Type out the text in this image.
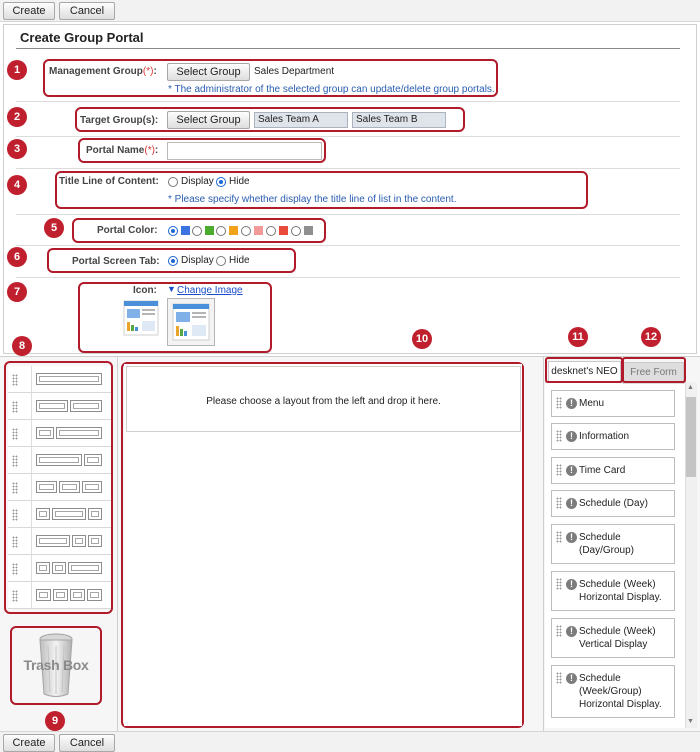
Create	Cancel
Create Group Portal
1	Management Group(*):	Select Group	Sales Department
* The administrator of the selected group can update/delete group portals.
2	Target Group(s):	Select Group	Sales Team A	Sales Team B
3	Portal Name(*):
4	Title Line of Content: Display Hide
* Please specify whether display the title line of list in the content.
5	Portal Color:
6	Portal Screen Tab: Display Hide
7	Icon: ▼ Change Image
8
9
Trash Box
10
Please choose a layout from the left and drop it here.
desknet's NEO	Free Form
11	12
! Menu
! Information
! Time Card
! Schedule (Day)
! Schedule (Day/Group)
! Schedule (Week) Horizontal Display.
! Schedule (Week) Vertical Display
! Schedule (Week/Group) Horizontal Display.
▲
▼
Create	Cancel
